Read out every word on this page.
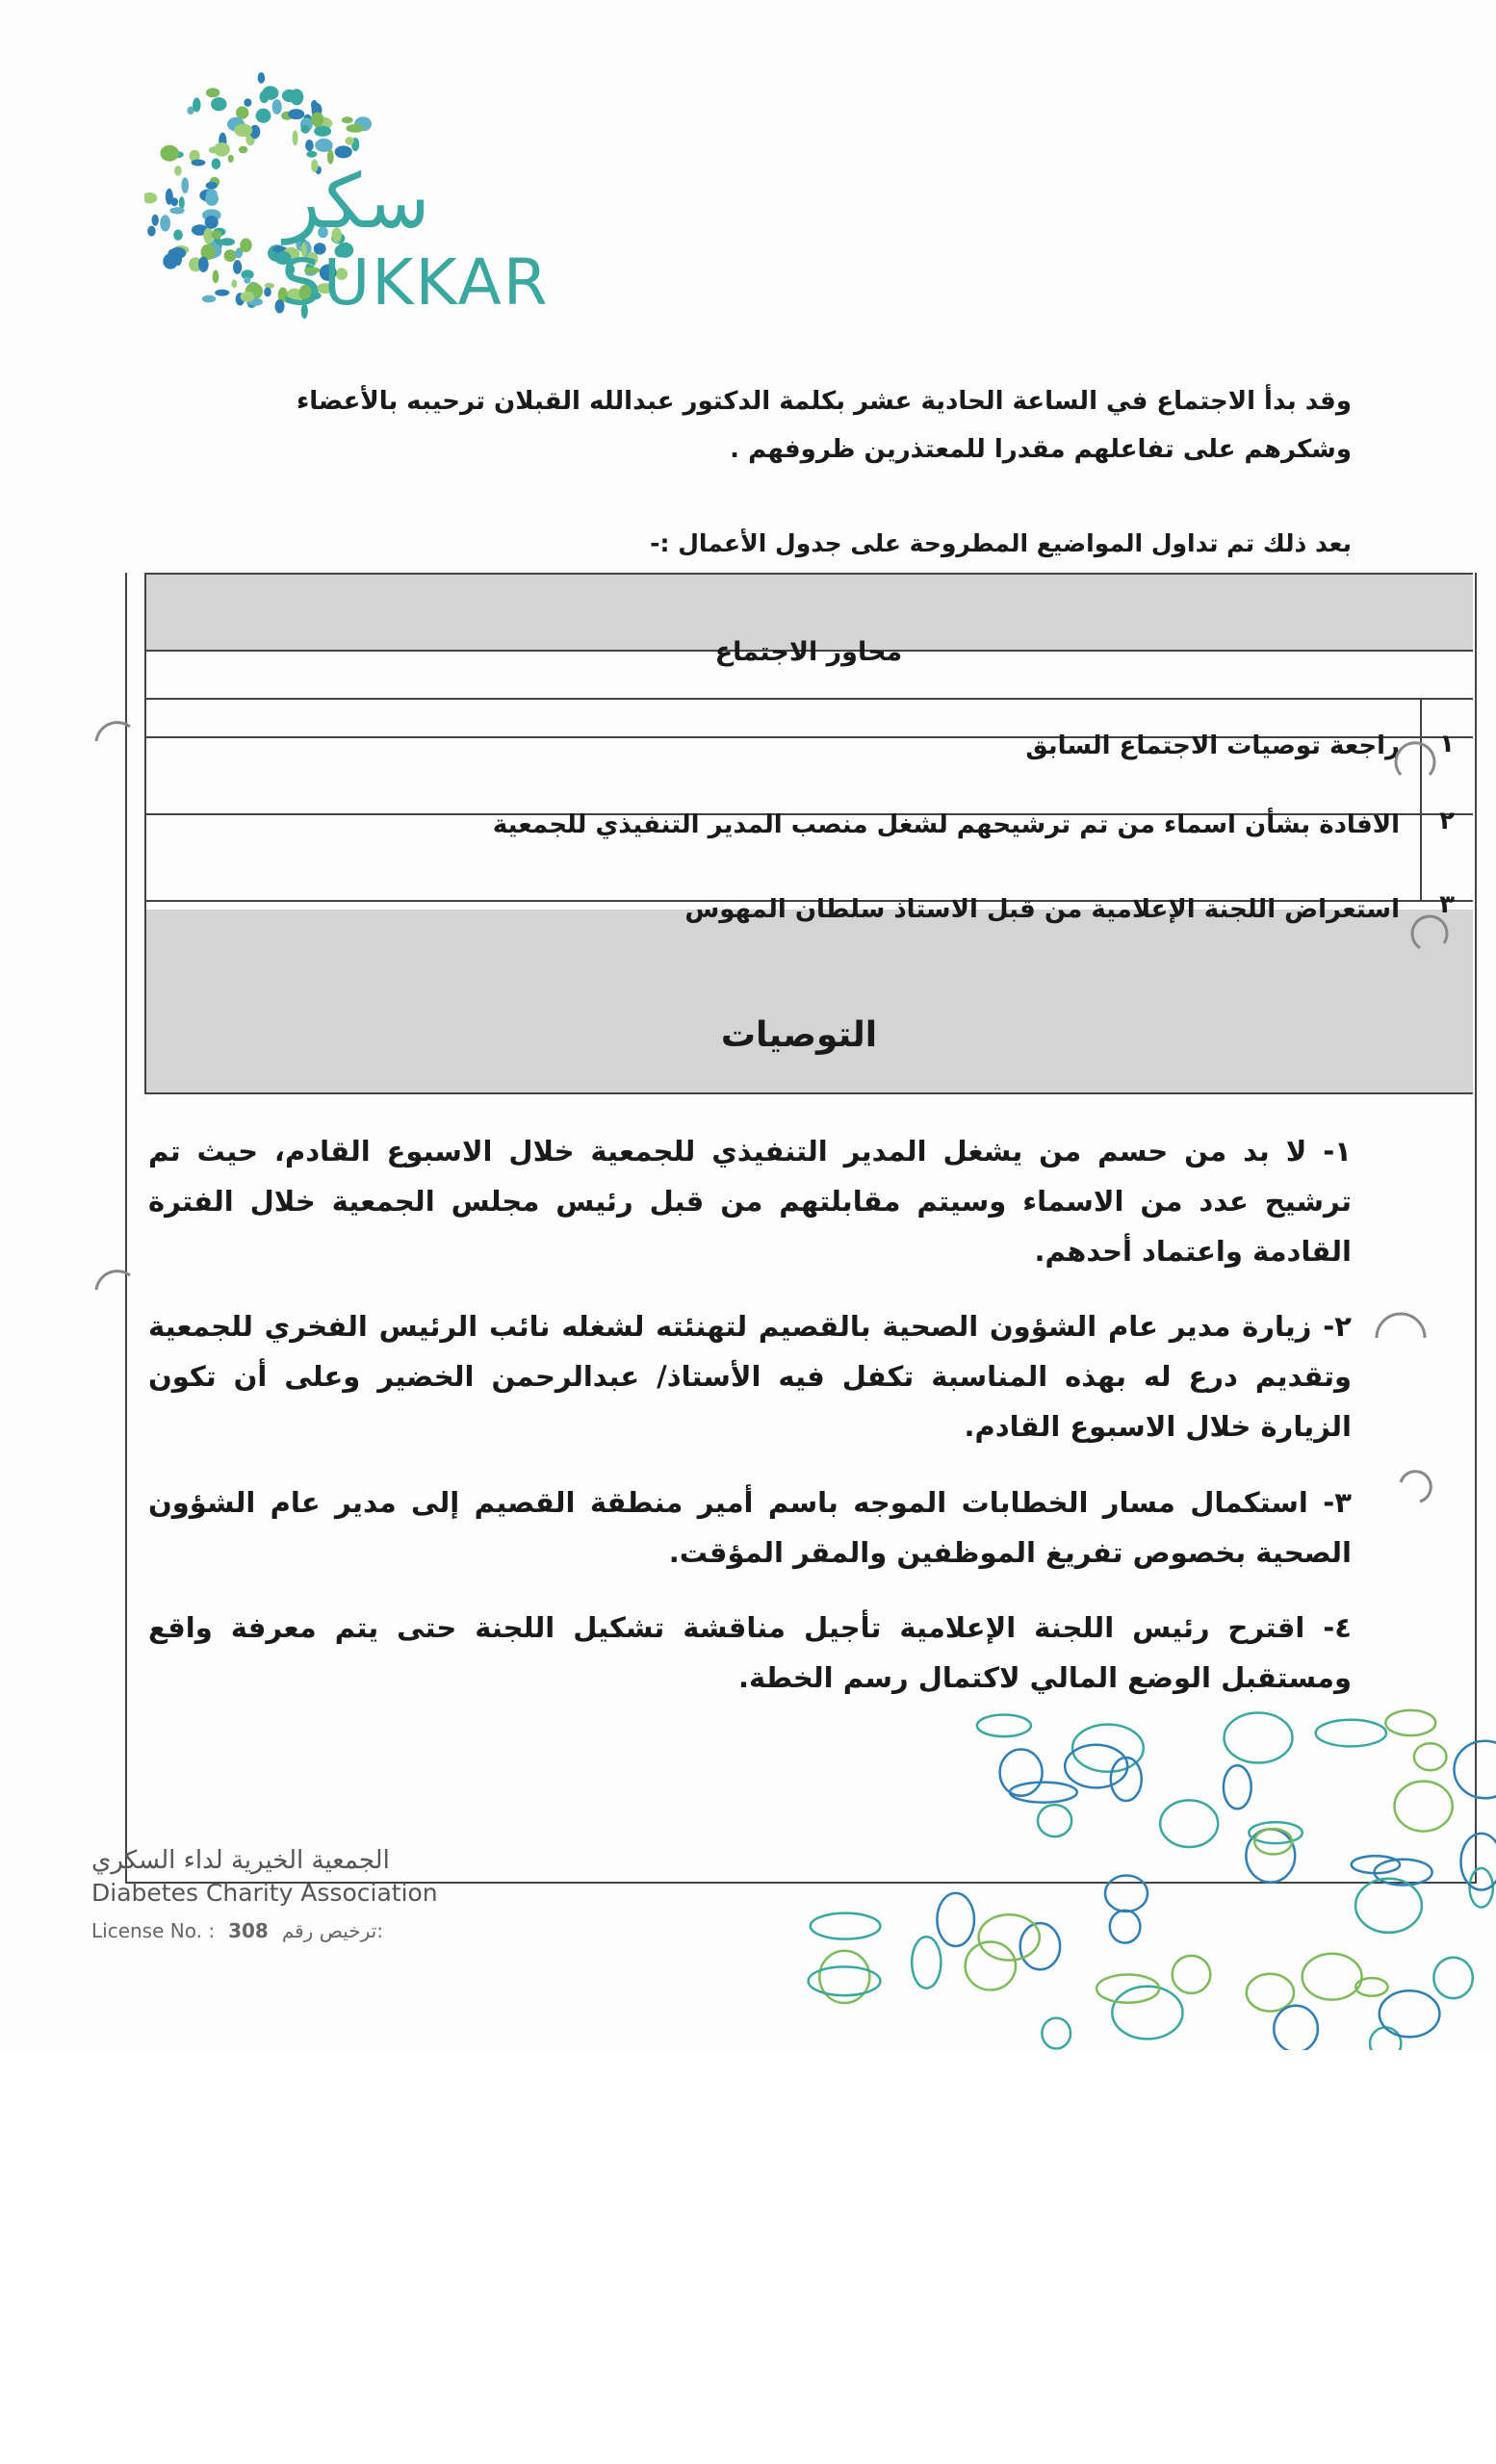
سكر
SUKKAR
وقد بدأ الاجتماع في الساعة الحادية عشر بكلمة الدكتور عبدالله القبلان ترحيبه بالأعضاء
وشكرهم على تفاعلهم مقدرا للمعتذرين ظروفهم .
بعد ذلك تم تداول المواضيع المطروحة على جدول الأعمال :-
محاور الاجتماع
١
راجعة توصيات الاجتماع السابق
٢
الافادة بشأن اسماء من تم ترشيحهم لشغل منصب المدير التنفيذي للجمعية
٣
استعراض اللجنة الإعلامية من قبل الاستاذ سلطان المهوس
التوصيات
١- لا بد من حسم من يشغل المدير التنفيذي للجمعية خلال الاسبوع القادم، حيث تم ترشيح عدد من الاسماء وسيتم مقابلتهم من قبل رئيس مجلس الجمعية خلال الفترة القادمة واعتماد أحدهم.
٢- زيارة مدير عام الشؤون الصحية بالقصيم لتهنئته لشغله نائب الرئيس الفخري للجمعية وتقديم درع له بهذه المناسبة تكفل فيه الأستاذ/ عبدالرحمن الخضير وعلى أن تكون الزيارة خلال الاسبوع القادم.
٣- استكمال مسار الخطابات الموجه باسم أمير منطقة القصيم إلى مدير عام الشؤون الصحية بخصوص تفريغ الموظفين والمقر المؤقت.
٤- اقترح رئيس اللجنة الإعلامية تأجيل مناقشة تشكيل اللجنة حتى يتم معرفة واقع ومستقبل الوضع المالي لاكتمال رسم الخطة.
الجمعية الخيرية لداء السكري
Diabetes Charity Association
License No. : 308 ترخيص رقم:
